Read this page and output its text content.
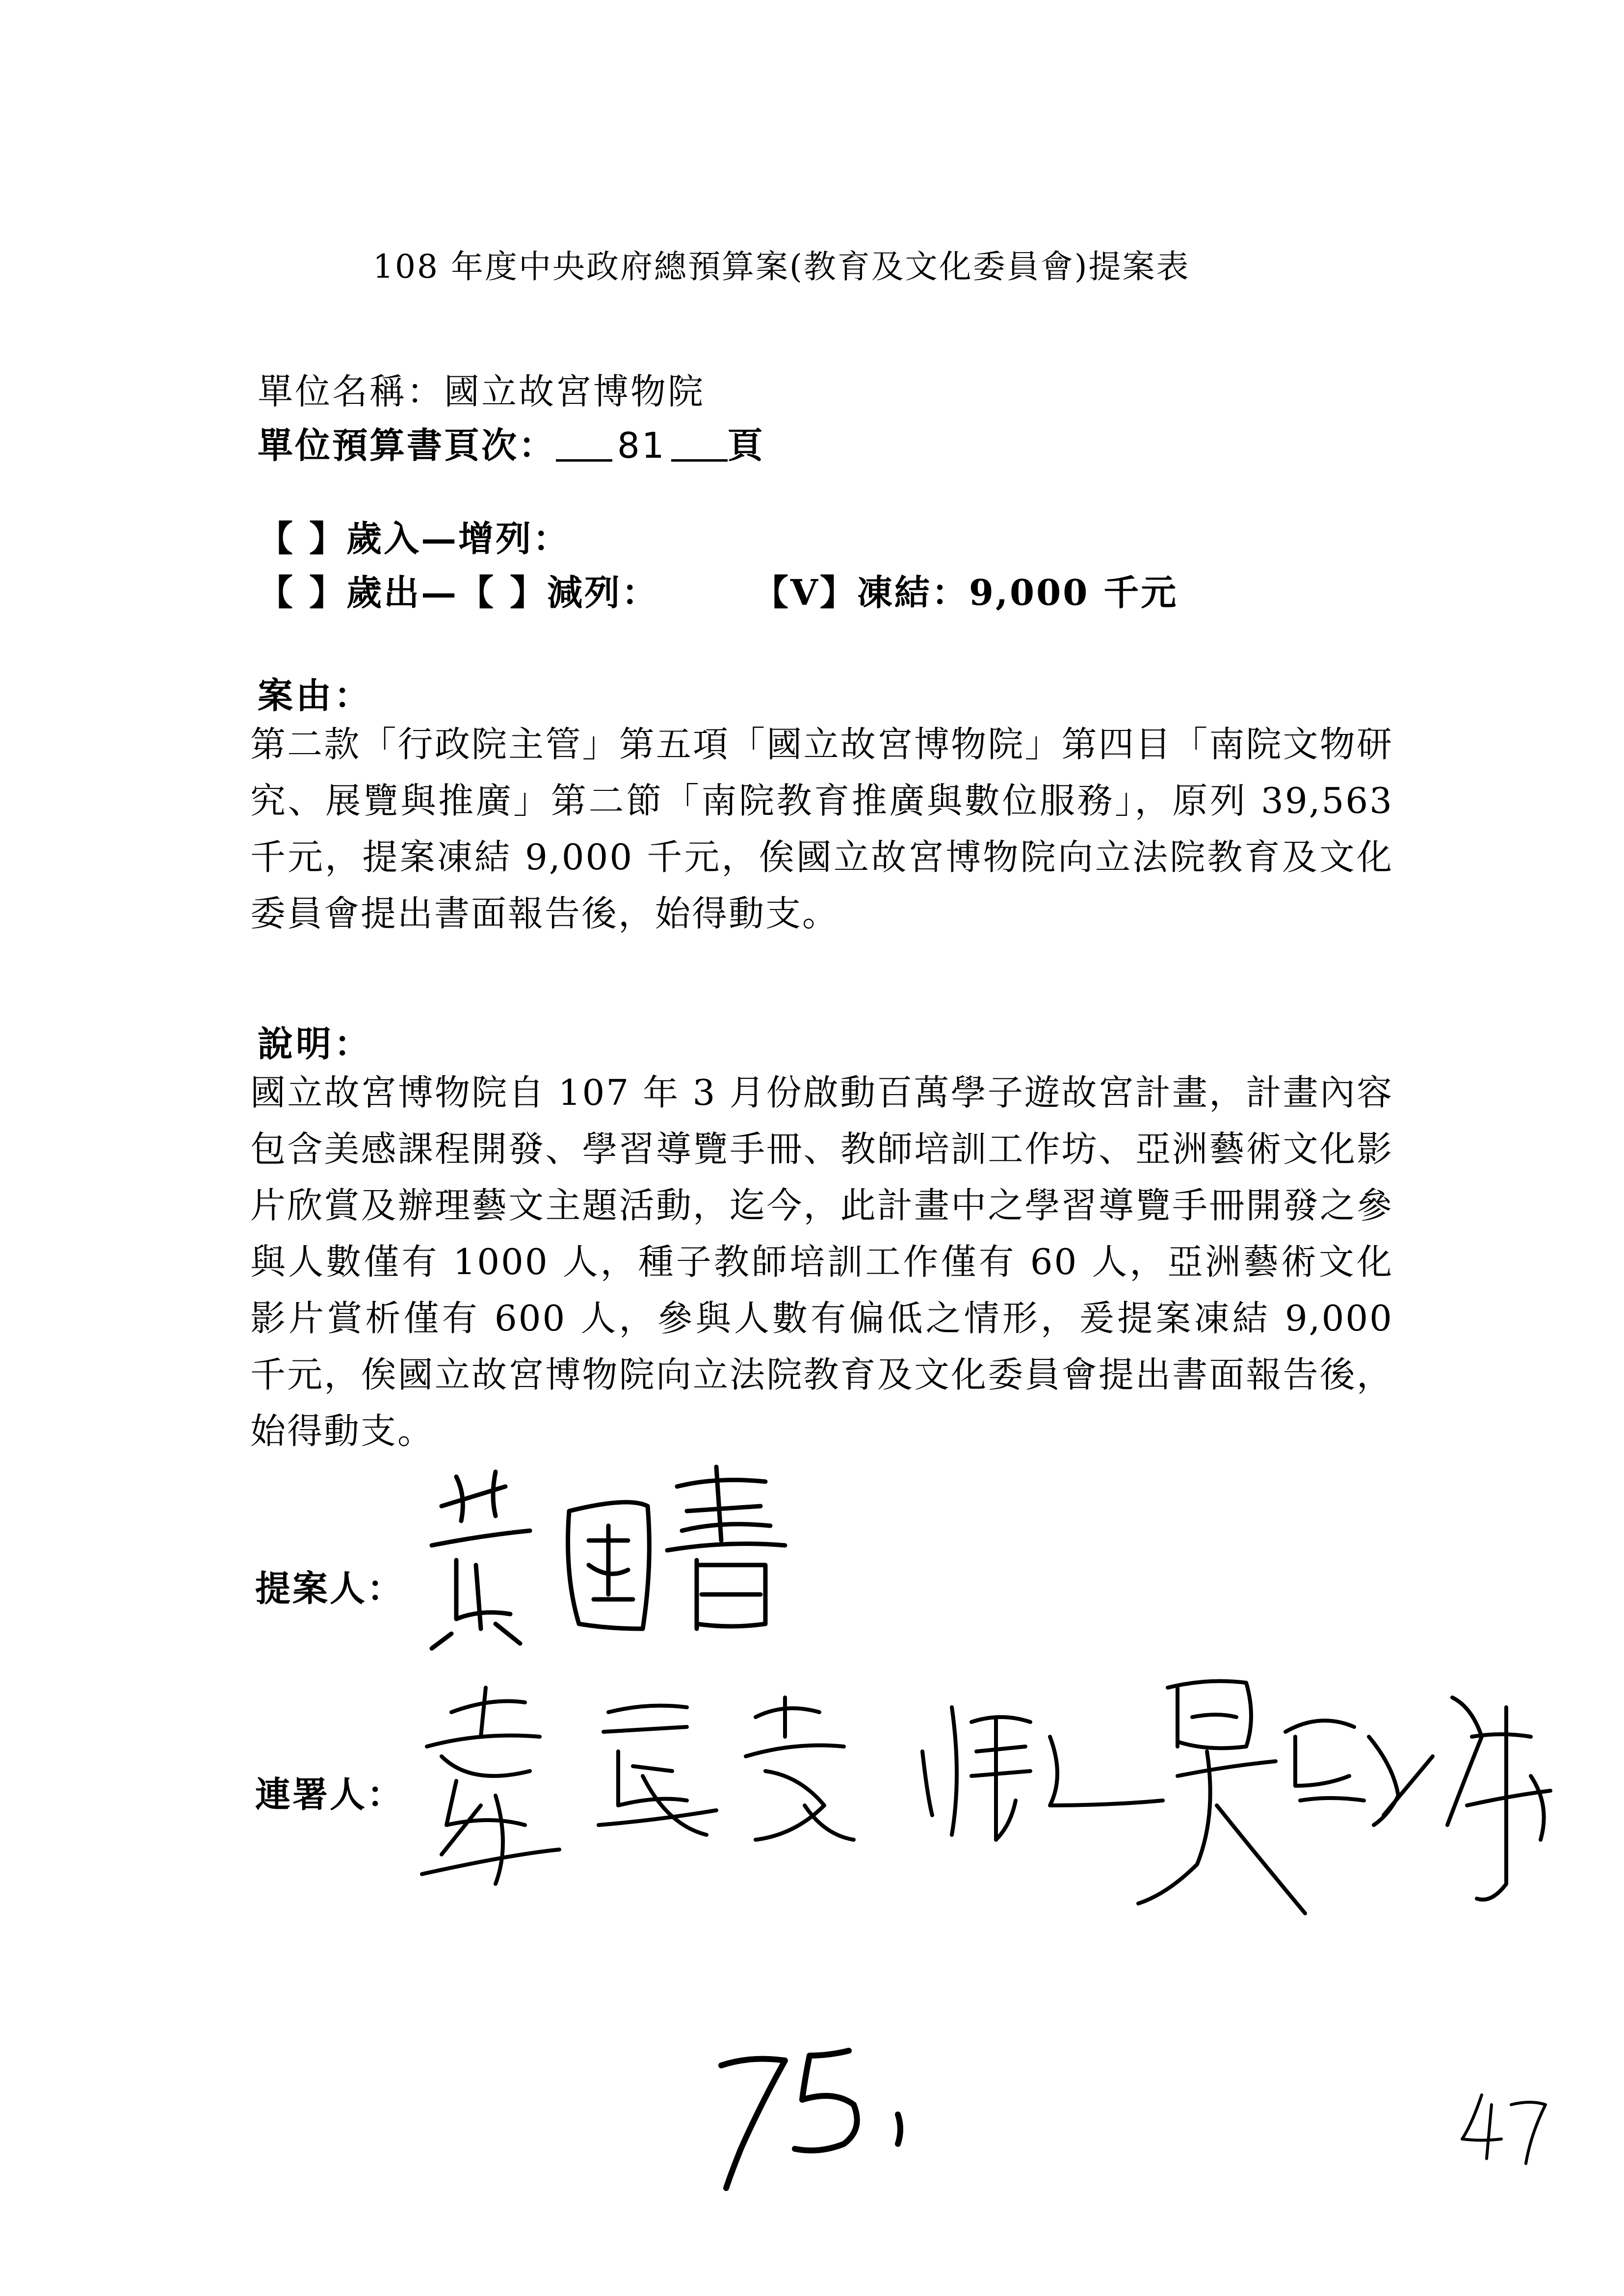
108 年度中央政府總預算案(教育及文化委員會)提案表
單位名稱：國立故宮博物院
單位預算書頁次： 81 頁
【 】歲入—增列：
【 】歲出—【 】減列：	【V】凍結：9,000 千元
案由：
第二款「行政院主管」第五項「國立故宮博物院」第四目「南院文物研究、展覽與推廣」第二節「南院教育推廣與數位服務」，原列 39,563 千元，提案凍結 9,000 千元，俟國立故宮博物院向立法院教育及文化委員會提出書面報告後，始得動支。
說明：
國立故宮博物院自 107 年 3 月份啟動百萬學子遊故宮計畫，計畫內容包含美感課程開發、學習導覽手冊、教師培訓工作坊、亞洲藝術文化影片欣賞及辦理藝文主題活動，迄今，此計畫中之學習導覽手冊開發之參與人數僅有 1000 人，種子教師培訓工作僅有 60 人，亞洲藝術文化影片賞析僅有 600 人，參與人數有偏低之情形，爰提案凍結 9,000 千元，俟國立故宮博物院向立法院教育及文化委員會提出書面報告後，始得動支。
提案人：
連署人：
75.
47
